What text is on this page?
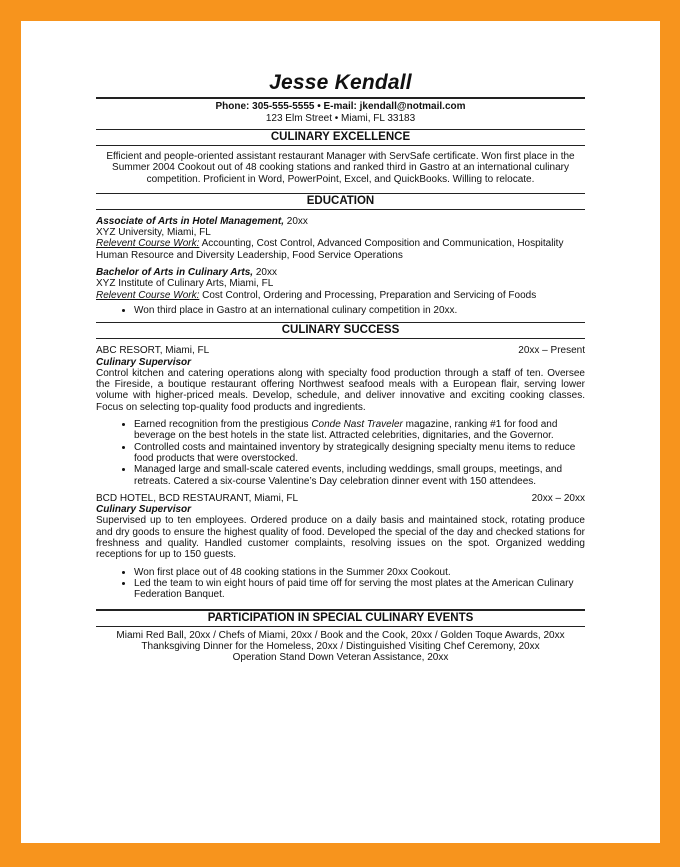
Jesse Kendall
Phone: 305-555-5555 • E-mail: jkendall@notmail.com
123 Elm Street • Miami, FL 33183
CULINARY EXCELLENCE
Efficient and people-oriented assistant restaurant Manager with ServSafe certificate. Won first place in the Summer 2004 Cookout out of 48 cooking stations and ranked third in Gastro at an international culinary competition. Proficient in Word, PowerPoint, Excel, and QuickBooks. Willing to relocate.
EDUCATION
Associate of Arts in Hotel Management, 20xx
XYZ University, Miami, FL
Relevent Course Work: Accounting, Cost Control, Advanced Composition and Communication, Hospitality Human Resource and Diversity Leadership, Food Service Operations
Bachelor of Arts in Culinary Arts, 20xx
XYZ Institute of Culinary Arts, Miami, FL
Relevent Course Work: Cost Control, Ordering and Processing, Preparation and Servicing of Foods
• Won third place in Gastro at an international culinary competition in 20xx.
CULINARY SUCCESS
ABC RESORT, Miami, FL	20xx – Present
Culinary Supervisor
Control kitchen and catering operations along with specialty food production through a staff of ten. Oversee the Fireside, a boutique restaurant offering Northwest seafood meals with a European flair, serving lower volume with higher-priced meals. Develop, schedule, and deliver innovative and exciting cooking classes. Focus on selecting top-quality food products and ingredients.
• Earned recognition from the prestigious Conde Nast Traveler magazine, ranking #1 for food and beverage on the best hotels in the state list. Attracted celebrities, dignitaries, and the Governor.
• Controlled costs and maintained inventory by strategically designing specialty menu items to reduce food products that were overstocked.
• Managed large and small-scale catered events, including weddings, small groups, meetings, and retreats. Catered a six-course Valentine’s Day celebration dinner event with 150 attendees.
BCD HOTEL, BCD RESTAURANT, Miami, FL	20xx – 20xx
Culinary Supervisor
Supervised up to ten employees. Ordered produce on a daily basis and maintained stock, rotating produce and dry goods to ensure the highest quality of food. Developed the special of the day and checked stations for freshness and quality. Handled customer complaints, resolving issues on the spot. Organized wedding receptions for up to 150 guests.
• Won first place out of 48 cooking stations in the Summer 20xx Cookout.
• Led the team to win eight hours of paid time off for serving the most plates at the American Culinary Federation Banquet.
PARTICIPATION IN SPECIAL CULINARY EVENTS
Miami Red Ball, 20xx / Chefs of Miami, 20xx / Book and the Cook, 20xx / Golden Toque Awards, 20xx
Thanksgiving Dinner for the Homeless, 20xx / Distinguished Visiting Chef Ceremony, 20xx
Operation Stand Down Veteran Assistance, 20xx
